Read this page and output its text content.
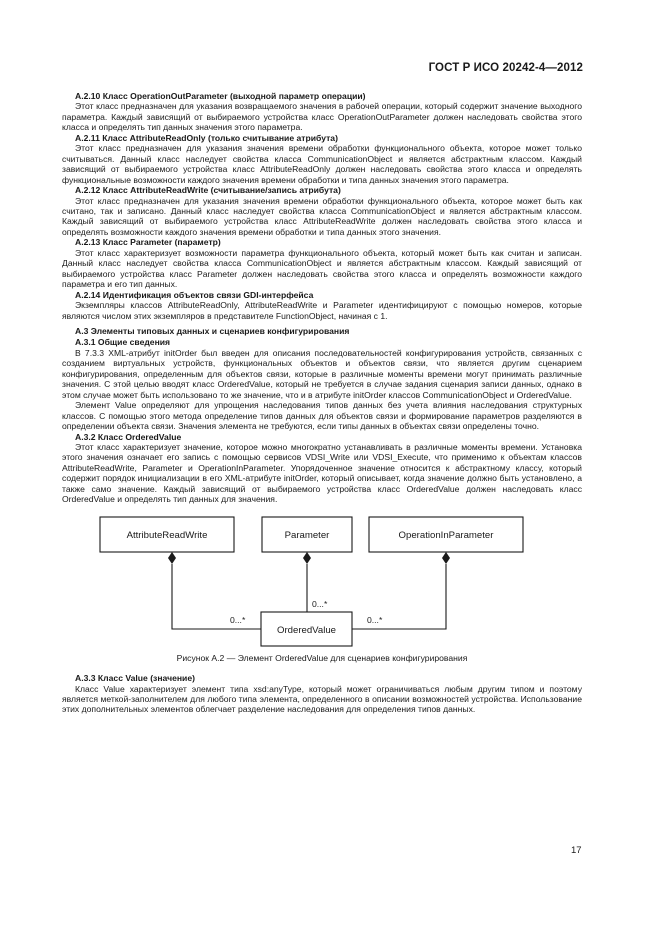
ГОСТ Р ИСО 20242-4—2012
А.2.10 Класс OperationOutParameter (выходной параметр операции)
Этот класс предназначен для указания возвращаемого значения в рабочей операции, который содержит значение выходного параметра. Каждый зависящий от выбираемого устройства класс OperationOutParameter должен наследовать свойства этого класса и определять тип данных значения этого параметра.
А.2.11 Класс AttributeReadOnly (только считывание атрибута)
Этот класс предназначен для указания значения времени обработки функционального объекта, которое может только считываться. Данный класс наследует свойства класса CommunicationObject и является абстрактным классом. Каждый зависящий от выбираемого устройства класс AttributeReadOnly должен наследовать свойства этого класса и определять функциональные возможности каждого значения времени обработки и типа данных значения этого параметра.
А.2.12 Класс AttributeReadWrite (считывание/запись атрибута)
Этот класс предназначен для указания значения времени обработки функционального объекта, которое может быть как считано, так и записано. Данный класс наследует свойства класса CommunicationObject и является абстрактным классом. Каждый зависящий от выбираемого устройства класс AttributeReadWrite должен наследовать свойства этого класса и определять возможности каждого значения времени обработки и типа данных этого значения.
А.2.13 Класс Parameter (параметр)
Этот класс характеризует возможности параметра функционального объекта, который может быть как считан и записан. Данный класс наследует свойства класса CommunicationObject и является абстрактным классом. Каждый зависящий от выбираемого устройства класс Parameter должен наследовать свойства этого класса и определять возможности каждого параметра и его тип данных.
А.2.14 Идентификация объектов связи GDI-интерфейса
Экземпляры классов AttributeReadOnly, AttributeReadWrite и Parameter идентифицируют с помощью номеров, которые являются числом этих экземпляров в представителе FunctionObject, начиная с 1.
А.3 Элементы типовых данных и сценариев конфигурирования
А.3.1 Общие сведения
В 7.3.3 XML-атрибут initOrder был введен для описания последовательностей конфигурирования устройств, связанных с созданием виртуальных устройств, функциональных объектов и объектов связи, что является другим сценарием конфигурирования, определенным для объектов связи, которые в различные моменты времени могут принимать различные значения. С этой целью вводят класс OrderedValue, который не требуется в случае задания сценария записи данных, однако в этом случае может быть использовано то же значение, что и в атрибуте initOrder классов CommunicationObject и OrderedValue.
Элемент Value определяют для упрощения наследования типов данных без учета влияния наследования структурных классов. С помощью этого метода определение типов данных для объектов связи и формирование параметров разделяются в определении объекта связи. Значения элемента не требуются, если типы данных в объектах связи определены точно.
А.3.2 Класс OrderedValue
Этот класс характеризует значение, которое можно многократно устанавливать в различные моменты времени. Установка этого значения означает его запись с помощью сервисов VDSI_Write или VDSI_Execute, что применимо к объектам классов AttributeReadWrite, Parameter и OperationInParameter. Упорядоченное значение относится к абстрактному классу, который содержит порядок инициализации в его XML-атрибуте initOrder, который описывает, когда значение должно быть установлено, а также само значение. Каждый зависящий от выбираемого устройства класс OrderedValue должен наследовать класс OrderedValue и определять тип данных для значения.
AttributeReadWrite	Parameter	OperationInParameter
OrderedValue
0...*
0...*
0...*
Рисунок А.2 — Элемент OrderedValue для сценариев конфигурирования
А.3.3 Класс Value (значение)
Класс Value характеризует элемент типа xsd:anyType, который может ограничиваться любым другим типом и поэтому является меткой-заполнителем для любого типа элемента, определенного в описании возможностей устройства. Использование этих дополнительных элементов облегчает разделение наследования для определения типов данных.
17
